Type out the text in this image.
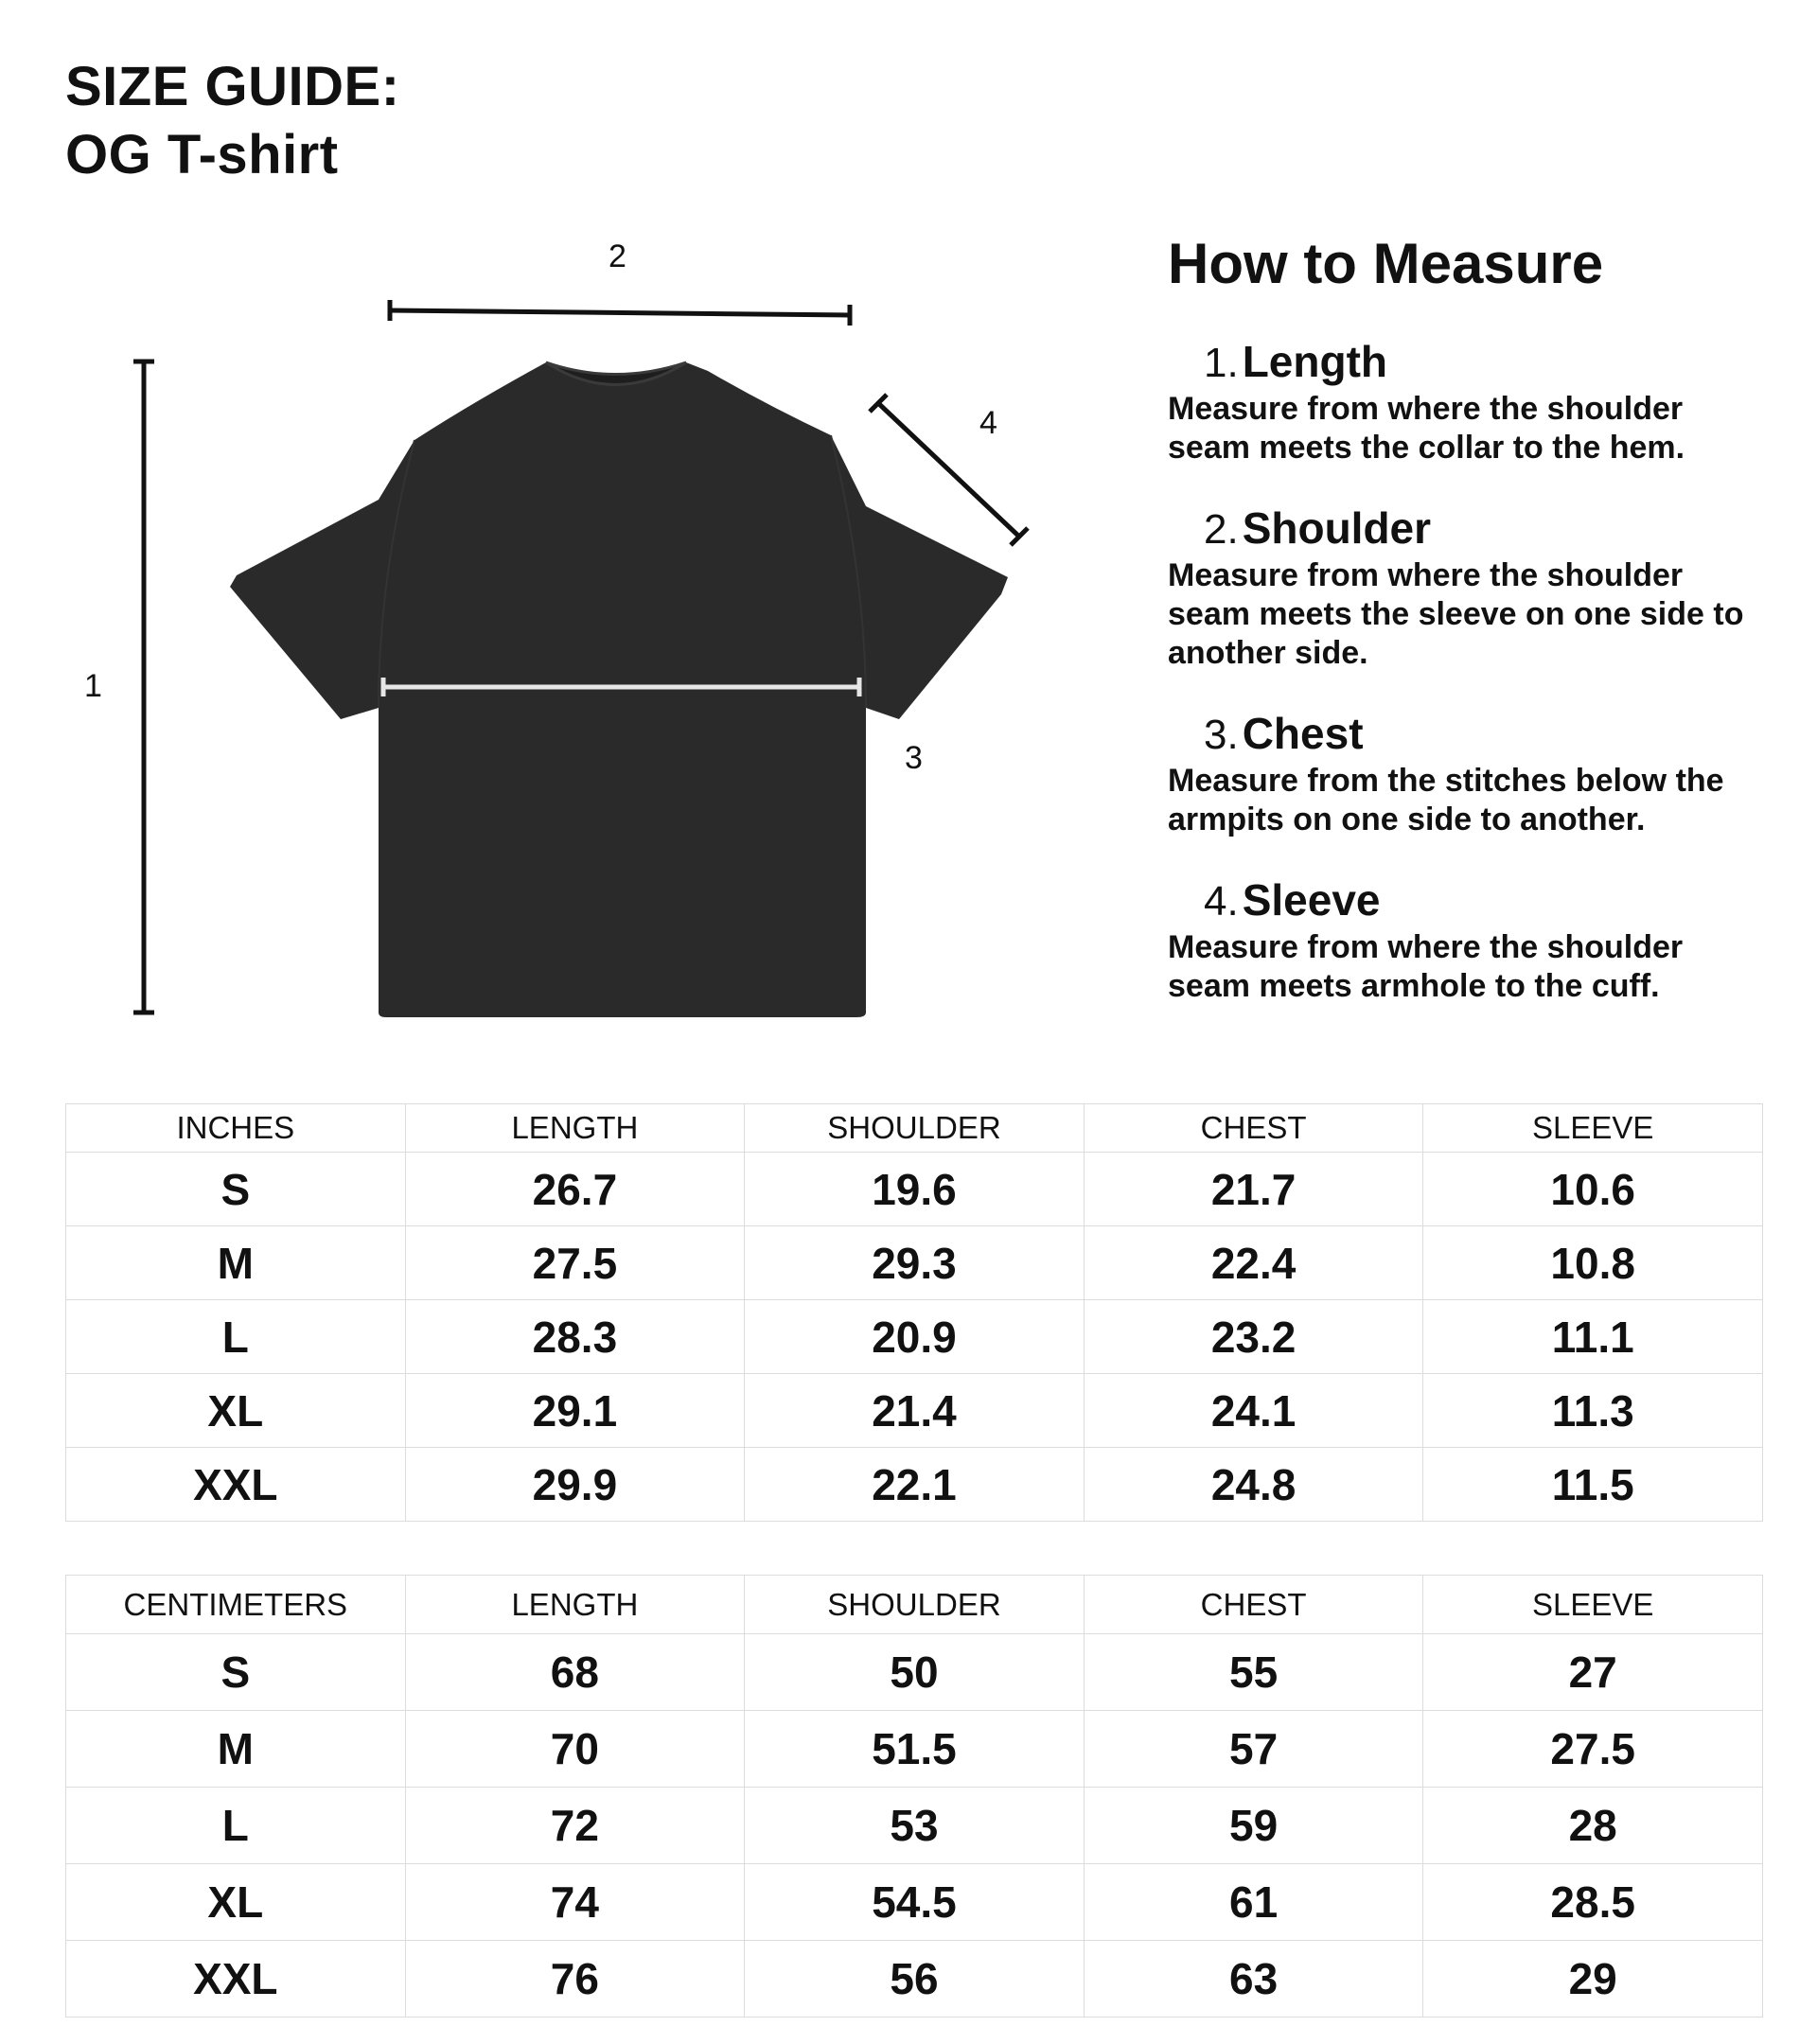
SIZE GUIDE:
OG T-shirt
1
2
3
4
How to Measure
1.Length
Measure from where the shoulder seam meets the collar to the hem.
2.Shoulder
Measure from where the shoulder seam meets the sleeve on one side to another side.
3.Chest
Measure from the stitches below the armpits on one side to another.
4.Sleeve
Measure from where the shoulder seam meets armhole to the cuff.
INCHES	LENGTH	SHOULDER	CHEST	SLEEVE
S	26.7	19.6	21.7	10.6
M	27.5	29.3	22.4	10.8
L	28.3	20.9	23.2	11.1
XL	29.1	21.4	24.1	11.3
XXL	29.9	22.1	24.8	11.5
CENTIMETERS	LENGTH	SHOULDER	CHEST	SLEEVE
S	68	50	55	27
M	70	51.5	57	27.5
L	72	53	59	28
XL	74	54.5	61	28.5
XXL	76	56	63	29
